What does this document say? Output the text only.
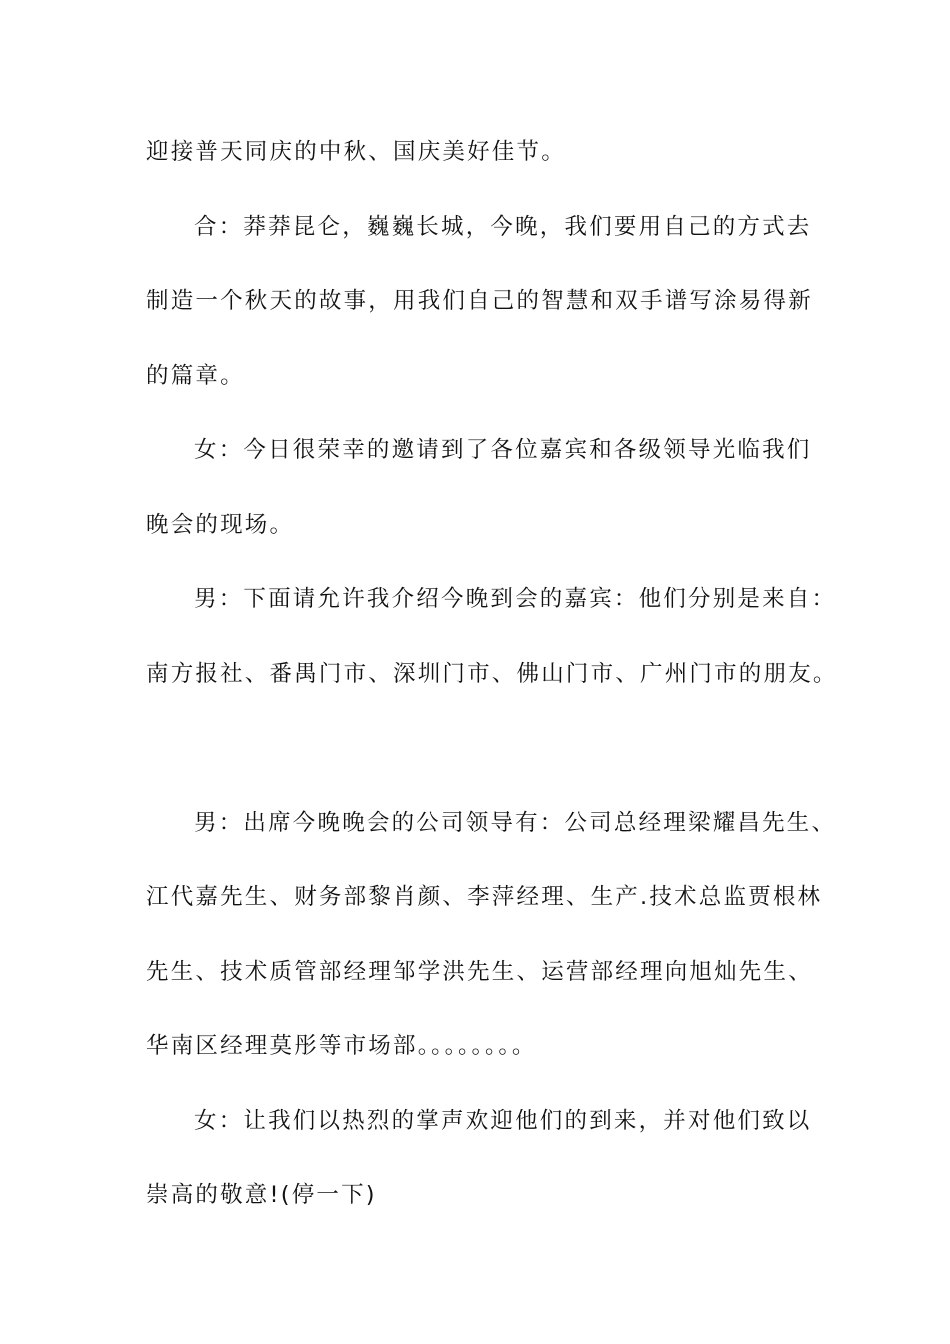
迎接普天同庆的中秋、国庆美好佳节。
合：莽莽昆仑，巍巍长城，今晚，我们要用自己的方式去
制造一个秋天的故事，用我们自己的智慧和双手谱写涂易得新
的篇章。
女：今日很荣幸的邀请到了各位嘉宾和各级领导光临我们
晚会的现场。
男：下面请允许我介绍今晚到会的嘉宾：他们分别是来自：
南方报社、番禺门市、深圳门市、佛山门市、广州门市的朋友。
男：出席今晚晚会的公司领导有：公司总经理梁耀昌先生、
江代嘉先生、财务部黎肖颜、李萍经理、生产.技术总监贾根林
先生、技术质管部经理邹学洪先生、运营部经理向旭灿先生、
华南区经理莫彤等市场部。。。。。。。。
女：让我们以热烈的掌声欢迎他们的到来，并对他们致以
崇高的敬意!(停一下)
